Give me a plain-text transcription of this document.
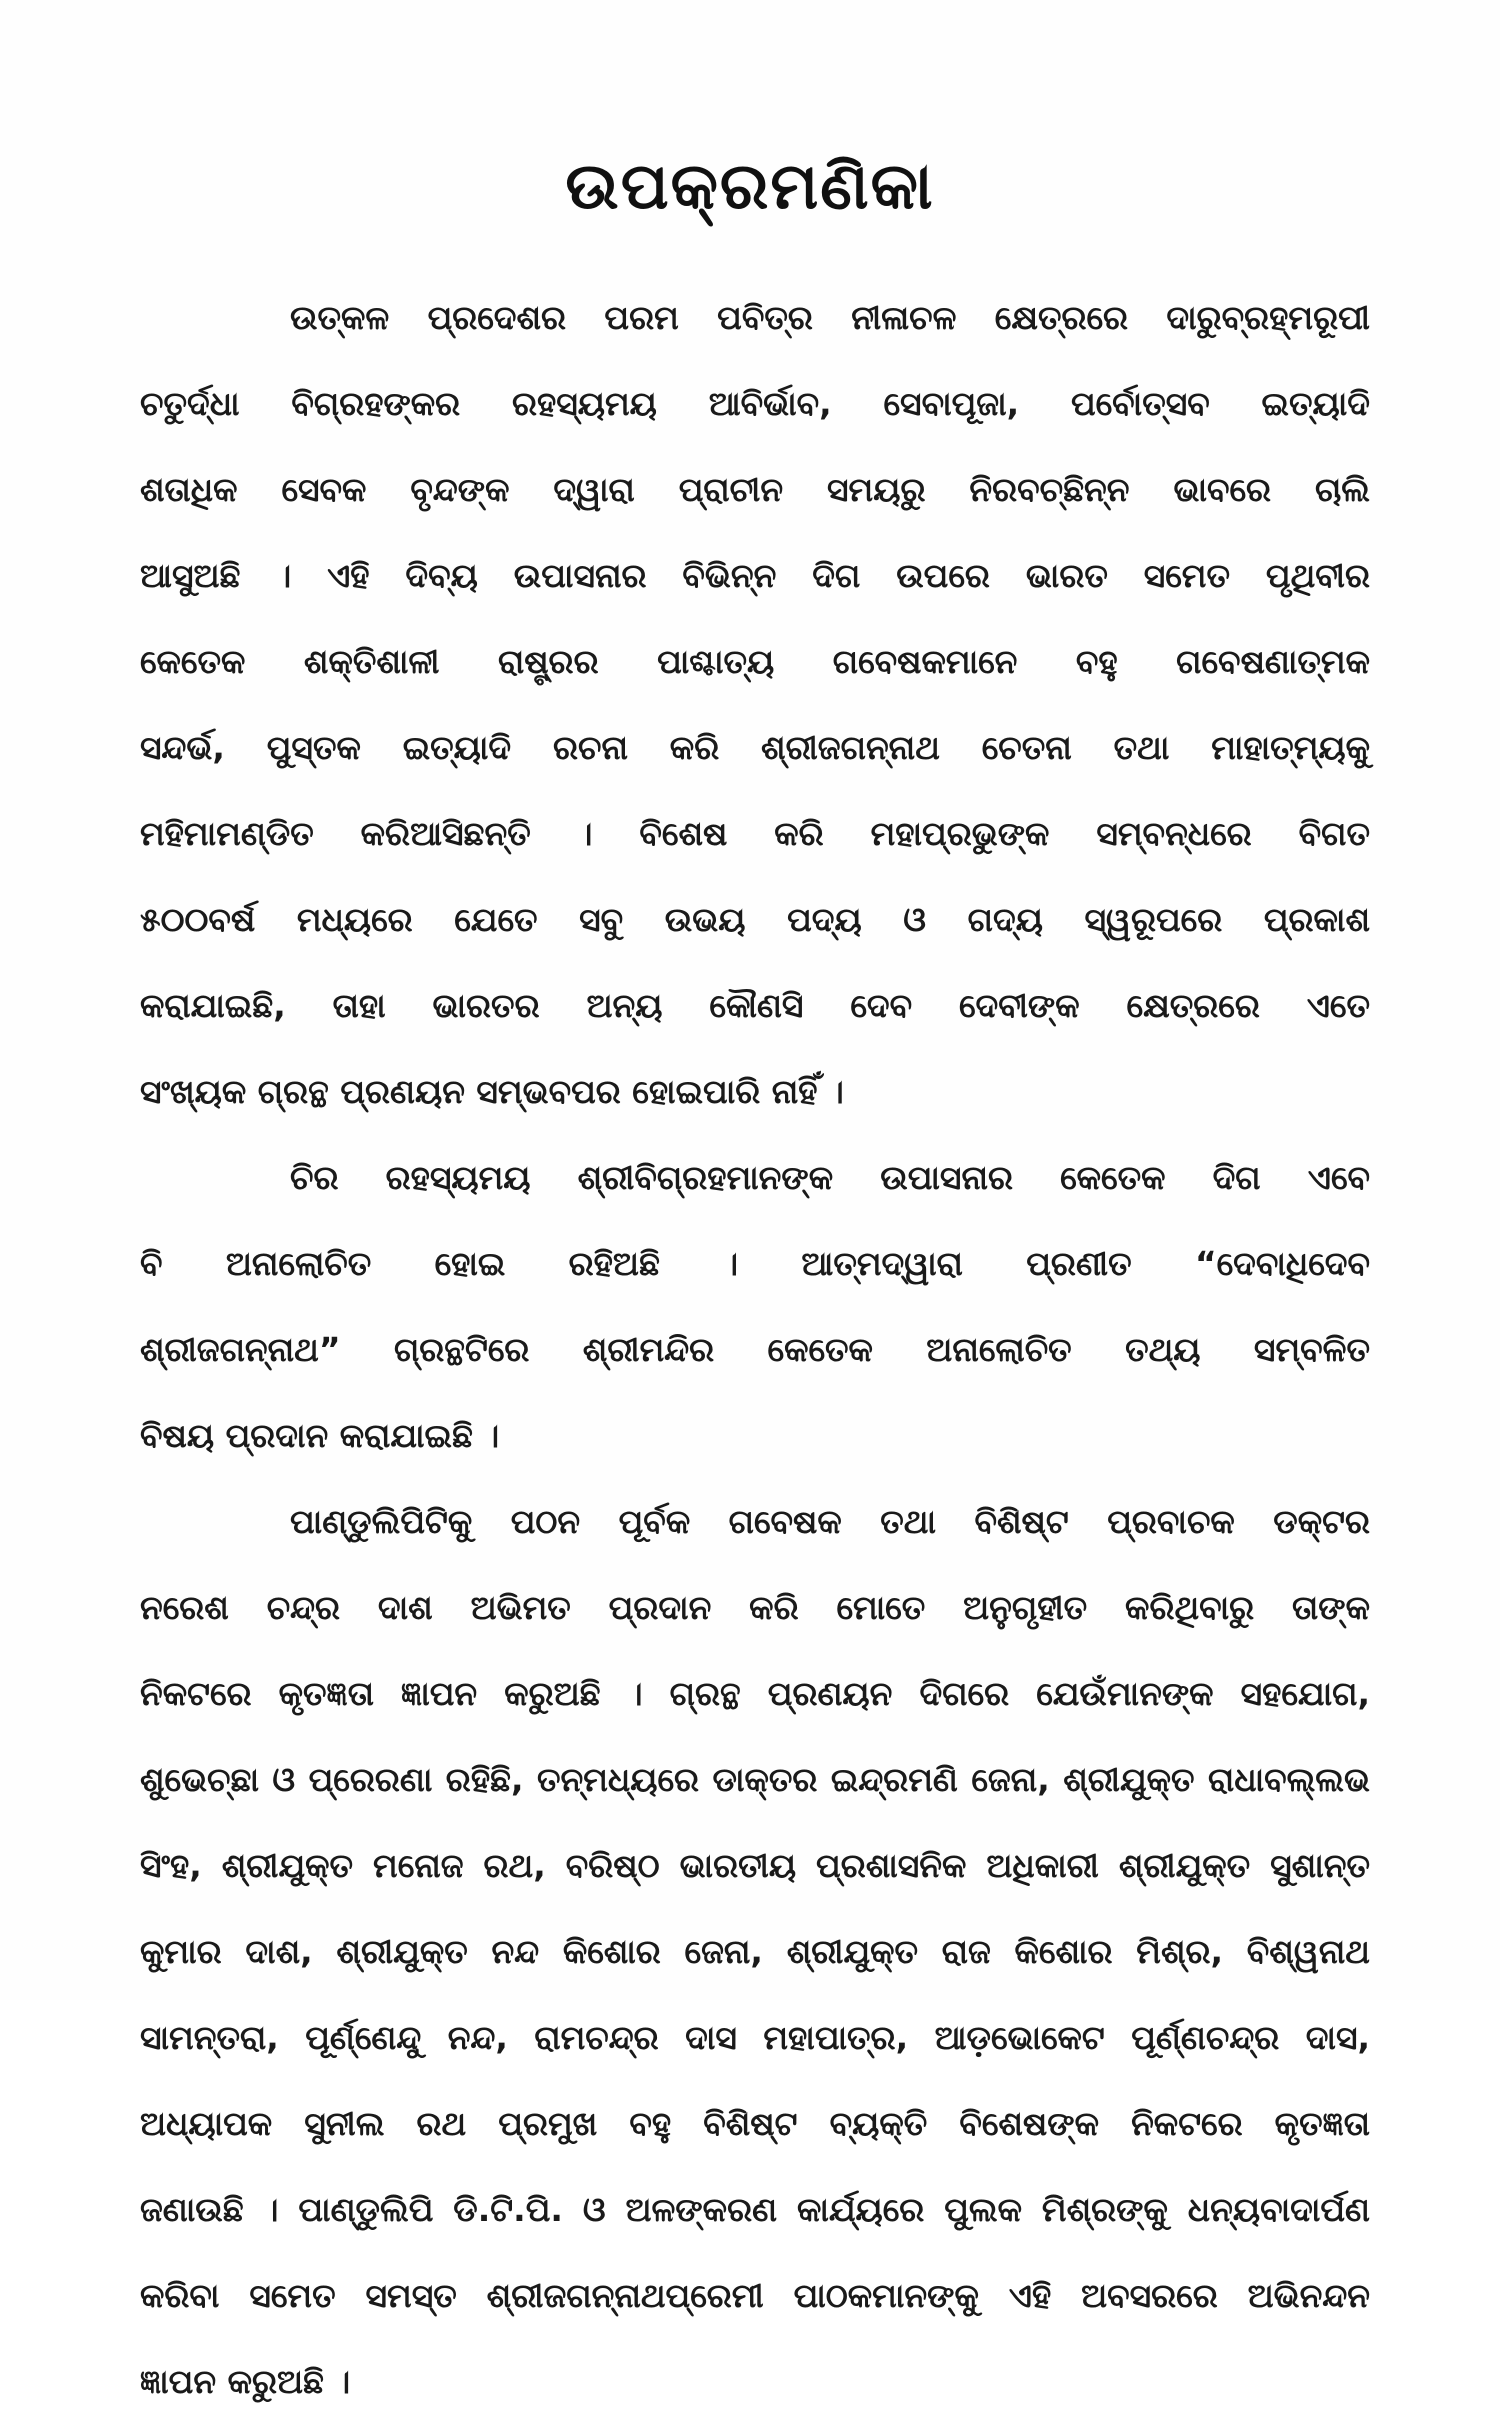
ଉପକ୍ରମଣିକା
ଉତ୍କଳ ପ୍ରଦେଶର ପରମ ପବିତ୍ର ନୀଳାଚଳ କ୍ଷେତ୍ରରେ ଦାରୁବ୍ରହ୍ମରୂପୀ
ଚତୁର୍ଦ୍ଧା ବିଗ୍ରହଙ୍କର ରହସ୍ୟମୟ ଆବିର୍ଭାବ, ସେବାପୂଜା, ପର୍ବୋତ୍ସବ ଇତ୍ୟାଦି
ଶତାଧିକ ସେବକ ବୃନ୍ଦଙ୍କ ଦ୍ୱାରା ପ୍ରାଚୀନ ସମୟରୁ ନିରବଚ୍ଛିନ୍ନ ଭାବରେ ଚାଲି
ଆସୁଅଛି । ଏହି ଦିବ୍ୟ ଉପାସନାର ବିଭିନ୍ନ ଦିଗ ଉପରେ ଭାରତ ସମେତ ପୃଥିବୀର
କେତେକ ଶକ୍ତିଶାଳୀ ରାଷ୍ଟ୍ରର ପାଶ୍ଚାତ୍ୟ ଗବେଷକମାନେ ବହୁ ଗବେଷଣାତ୍ମକ
ସନ୍ଦର୍ଭ, ପୁସ୍ତକ ଇତ୍ୟାଦି ରଚନା କରି ଶ୍ରୀଜଗନ୍ନାଥ ଚେତନା ତଥା ମାହାତ୍ମ୍ୟକୁ
ମହିମାମଣ୍ଡିତ କରିଆସିଛନ୍ତି । ବିଶେଷ କରି ମହାପ୍ରଭୁଙ୍କ ସମ୍ବନ୍ଧରେ ବିଗତ
୫୦୦ବର୍ଷ ମଧ୍ୟରେ ଯେତେ ସବୁ ଉଭୟ ପଦ୍ୟ ଓ ଗଦ୍ୟ ସ୍ୱରୂପରେ ପ୍ରକାଶ
କରାଯାଇଛି, ତାହା ଭାରତର ଅନ୍ୟ କୌଣସି ଦେବ ଦେବୀଙ୍କ କ୍ଷେତ୍ରରେ ଏତେ
ସଂଖ୍ୟକ ଗ୍ରନ୍ଥ ପ୍ରଣୟନ ସମ୍ଭବପର ହୋଇପାରି ନାହିଁ ।
ଚିର ରହସ୍ୟମୟ ଶ୍ରୀବିଗ୍ରହମାନଙ୍କ ଉପାସନାର କେତେକ ଦିଗ ଏବେ
ବି ଅନାଲୋଚିତ ହୋଇ ରହିଅଛି । ଆତ୍ମଦ୍ୱାରା ପ୍ରଣୀତ “ଦେବାଧିଦେବ
ଶ୍ରୀଜଗନ୍ନାଥ” ଗ୍ରନ୍ଥଟିରେ ଶ୍ରୀମନ୍ଦିର କେତେକ ଅନାଲୋଚିତ ତଥ୍ୟ ସମ୍ବଳିତ
ବିଷୟ ପ୍ରଦାନ କରାଯାଇଛି ।
ପାଣ୍ଡୁଲିପିଟିକୁ ପଠନ ପୂର୍ବକ ଗବେଷକ ତଥା ବିଶିଷ୍ଟ ପ୍ରବାଚକ ଡକ୍ଟର
ନରେଶ ଚନ୍ଦ୍ର ଦାଶ ଅଭିମତ ପ୍ରଦାନ କରି ମୋତେ ଅନୁଗୃହୀତ କରିଥିବାରୁ ତାଙ୍କ
ନିକଟରେ କୃତଜ୍ଞତା ଜ୍ଞାପନ କରୁଅଛି । ଗ୍ରନ୍ଥ ପ୍ରଣୟନ ଦିଗରେ ଯେଉଁମାନଙ୍କ ସହଯୋଗ,
ଶୁଭେଚ୍ଛା ଓ ପ୍ରେରଣା ରହିଛି, ତନ୍ମଧ୍ୟରେ ଡାକ୍ତର ଇନ୍ଦ୍ରମଣି ଜେନା, ଶ୍ରୀଯୁକ୍ତ ରାଧାବଲ୍ଲଭ
ସିଂହ, ଶ୍ରୀଯୁକ୍ତ ମନୋଜ ରଥ, ବରିଷ୍ଠ ଭାରତୀୟ ପ୍ରଶାସନିକ ଅଧିକାରୀ ଶ୍ରୀଯୁକ୍ତ ସୁଶାନ୍ତ
କୁମାର ଦାଶ, ଶ୍ରୀଯୁକ୍ତ ନନ୍ଦ କିଶୋର ଜେନା, ଶ୍ରୀଯୁକ୍ତ ରାଜ କିଶୋର ମିଶ୍ର, ବିଶ୍ୱନାଥ
ସାମନ୍ତରା, ପୂର୍ଣ୍ଣେନ୍ଦୁ ନନ୍ଦ, ରାମଚନ୍ଦ୍ର ଦାସ ମହାପାତ୍ର, ଆଡ଼ଭୋକେଟ ପୂର୍ଣ୍ଣଚନ୍ଦ୍ର ଦାସ,
ଅଧ୍ୟାପକ ସୁନୀଲ ରଥ ପ୍ରମୁଖ ବହୁ ବିଶିଷ୍ଟ ବ୍ୟକ୍ତି ବିଶେଷଙ୍କ ନିକଟରେ କୃତଜ୍ଞତା
ଜଣାଉଛି । ପାଣ୍ଡୁଲିପି ଡି.ଟି.ପି. ଓ ଅଳଙ୍କରଣ କାର୍ଯ୍ୟରେ ପୁଲକ ମିଶ୍ରଙ୍କୁ ଧନ୍ୟବାଦାର୍ପଣ
କରିବା ସମେତ ସମସ୍ତ ଶ୍ରୀଜଗନ୍ନାଥପ୍ରେମୀ ପାଠକମାନଙ୍କୁ ଏହି ଅବସରରେ ଅଭିନନ୍ଦନ
ଜ୍ଞାପନ କରୁଅଛି ।
